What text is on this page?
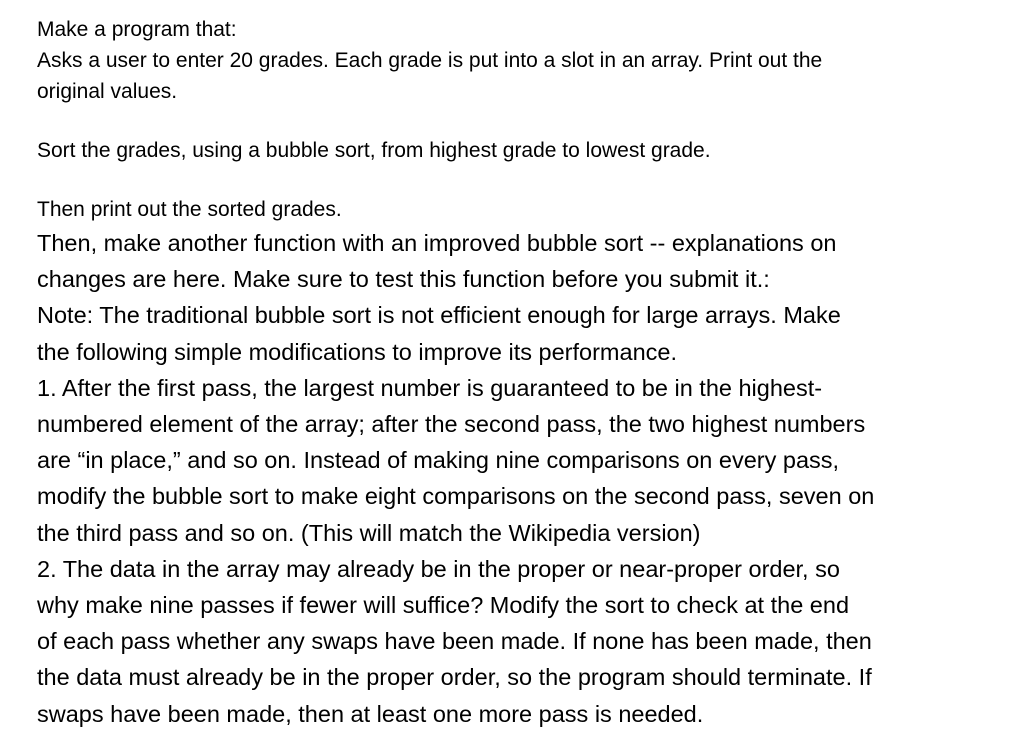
Make a program that:
Asks a user to enter 20 grades. Each grade is put into a slot in an array. Print out the
original values.
Sort the grades, using a bubble sort, from highest grade to lowest grade.
Then print out the sorted grades.
Then, make another function with an improved bubble sort -- explanations on
changes are here. Make sure to test this function before you submit it.:
Note: The traditional bubble sort is not efficient enough for large arrays. Make
the following simple modifications to improve its performance.
1. After the first pass, the largest number is guaranteed to be in the highest-
numbered element of the array; after the second pass, the two highest numbers
are “in place,” and so on. Instead of making nine comparisons on every pass,
modify the bubble sort to make eight comparisons on the second pass, seven on
the third pass and so on. (This will match the Wikipedia version)
2. The data in the array may already be in the proper or near-proper order, so
why make nine passes if fewer will suffice? Modify the sort to check at the end
of each pass whether any swaps have been made. If none has been made, then
the data must already be in the proper order, so the program should terminate. If
swaps have been made, then at least one more pass is needed.
